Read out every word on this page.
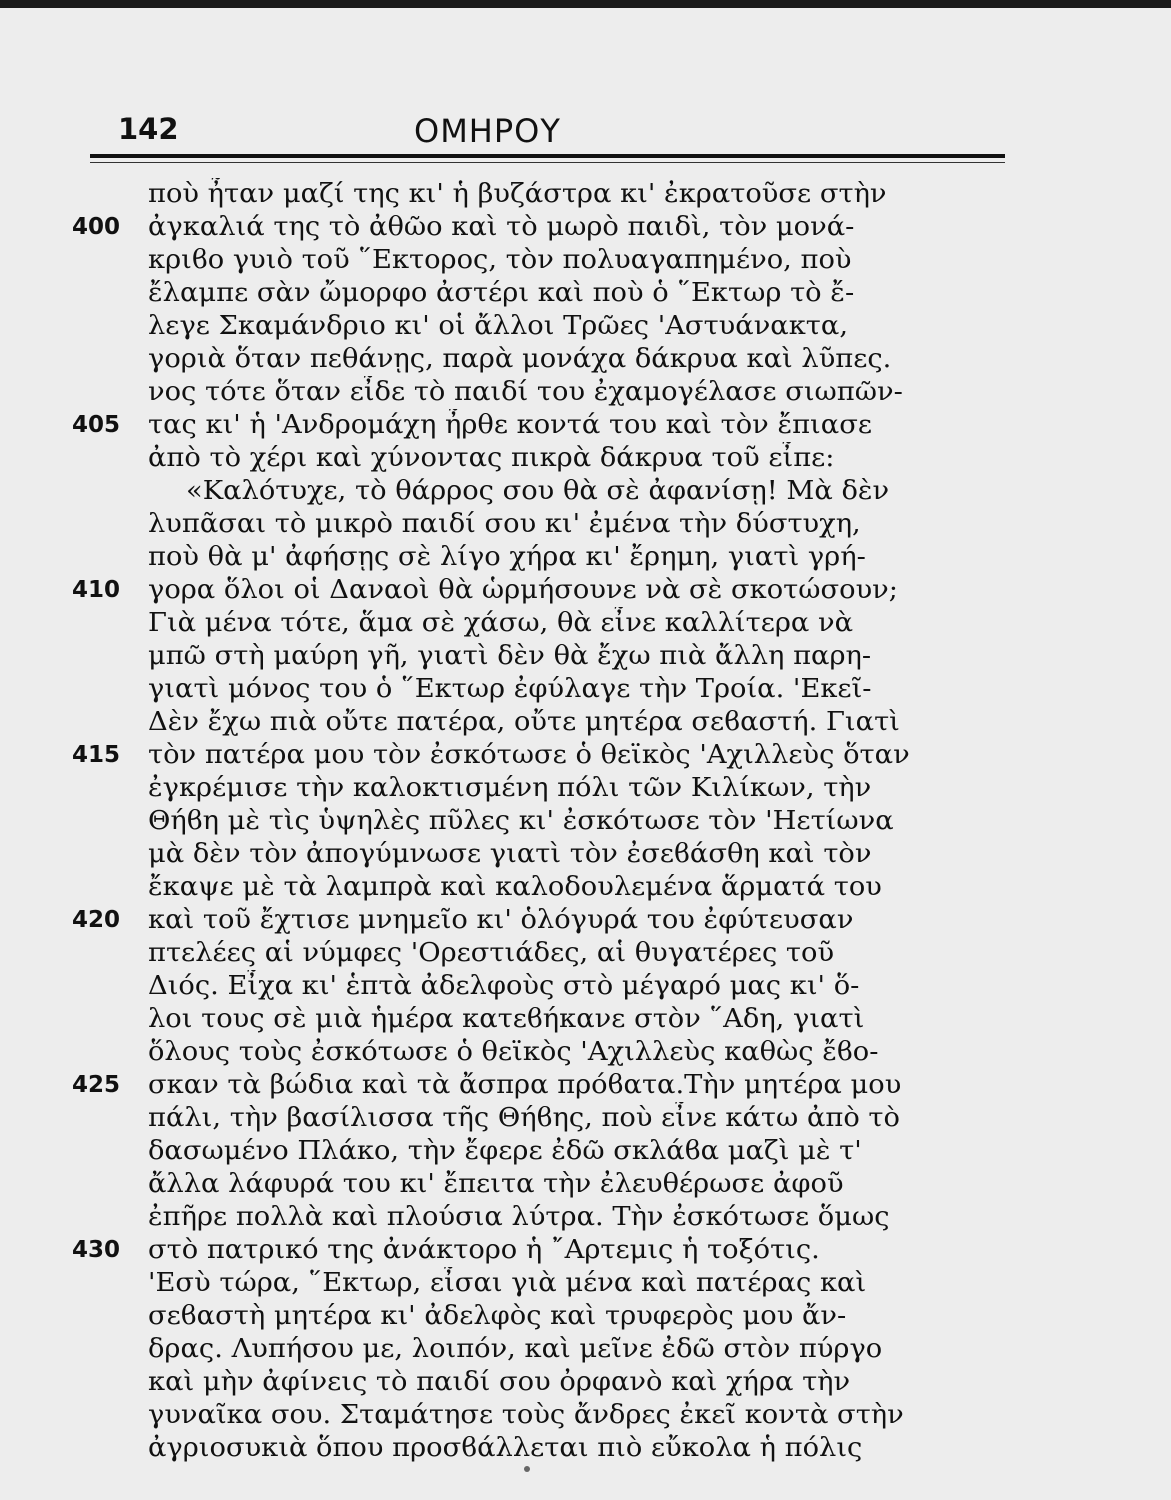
142	ΟΜΗΡΟΥ
ποὺ ἦταν μαζί της κι' ἡ βυζάστρα κι' ἐκρατοῦσε στὴν
ἀγκαλιά της τὸ ἀθῶο καὶ τὸ μωρὸ παιδὶ, τὸν μονά-
κριϐο γυιὸ τοῦ ῞Εκτορος, τὸν πολυαγαπημένο, ποὺ
ἔλαμπε σὰν ὤμορφο ἀστέρι καὶ ποὺ ὁ ῞Εκτωρ τὸ ἔ-
λεγε Σκαμάνδριο κι' οἱ ἄλλοι Τρῶες 'Αστυάνακτα,
γοριὰ ὅταν πεθάνῃς, παρὰ μονάχα δάκρυα καὶ λῦπες.
νος τότε ὅταν εἶδε τὸ παιδί του ἐχαμογέλασε σιωπῶν-
τας κι' ἡ 'Ανδρομάχη ἦρθε κοντά του καὶ τὸν ἔπιασε
ἀπὸ τὸ χέρι καὶ χύνοντας πικρὰ δάκρυα τοῦ εἶπε:
«Καλότυχε, τὸ θάρρος σου θὰ σὲ ἀφανίσῃ! Μὰ δὲν
λυπᾶσαι τὸ μικρὸ παιδί σου κι' ἐμένα τὴν δύστυχη,
ποὺ θὰ μ' ἀφήσῃς σὲ λίγο χήρα κι' ἔρημη, γιατὶ γρή-
γορα ὅλοι οἱ Δαναοὶ θὰ ὡρμήσουνε νὰ σὲ σκοτώσουν;
Γιὰ μένα τότε, ἅμα σὲ χάσω, θὰ εἶνε καλλίτερα νὰ
μπῶ στὴ μαύρη γῆ, γιατὶ δὲν θὰ ἔχω πιὰ ἄλλη παρη-
γιατὶ μόνος του ὁ ῞Εκτωρ ἐφύλαγε τὴν Τροία. 'Εκεῖ-
Δὲν ἔχω πιὰ οὔτε πατέρα, οὔτε μητέρα σεϐαστή. Γιατὶ
τὸν πατέρα μου τὸν ἐσκότωσε ὁ θεϊκὸς 'Αχιλλεὺς ὅταν
ἐγκρέμισε τὴν καλοκτισμένη πόλι τῶν Κιλίκων, τὴν
Θήϐη μὲ τὶς ὑψηλὲς πῦλες κι' ἐσκότωσε τὸν 'Ηετίωνα
μὰ δὲν τὸν ἀπογύμνωσε γιατὶ τὸν ἐσεϐάσθη καὶ τὸν
ἔκαψε μὲ τὰ λαμπρὰ καὶ καλοδουλεμένα ἅρματά του
καὶ τοῦ ἔχτισε μνημεῖο κι' ὁλόγυρά του ἐφύτευσαν
πτελέες αἱ νύμφες 'Ορεστιάδες, αἱ θυγατέρες τοῦ
Διός. Εἶχα κι' ἑπτὰ ἀδελφοὺς στὸ μέγαρό μας κι' ὅ-
λοι τους σὲ μιὰ ἡμέρα κατεϐήκανε στὸν ῞Αδη, γιατὶ
ὅλους τοὺς ἐσκότωσε ὁ θεϊκὸς 'Αχιλλεὺς καθὼς ἔϐο-
σκαν τὰ βώδια καὶ τὰ ἄσπρα πρόϐατα.Τὴν μητέρα μου
πάλι, τὴν βασίλισσα τῆς Θήϐης, ποὺ εἶνε κάτω ἀπὸ τὸ
δασωμένο Πλάκο, τὴν ἔφερε ἐδῶ σκλάϐα μαζὶ μὲ τ'
ἄλλα λάφυρά του κι' ἔπειτα τὴν ἐλευθέρωσε ἀφοῦ
ἐπῆρε πολλὰ καὶ πλούσια λύτρα. Τὴν ἐσκότωσε ὅμως
στὸ πατρικό της ἀνάκτορο ἡ ῎Αρτεμις ἡ τοξότις.
'Εσὺ τώρα, ῞Εκτωρ, εἶσαι γιὰ μένα καὶ πατέρας καὶ
σεϐαστὴ μητέρα κι' ἀδελφὸς καὶ τρυφερὸς μου ἄν-
δρας. Λυπήσου με, λοιπόν, καὶ μεῖνε ἐδῶ στὸν πύργο
καὶ μὴν ἀφίνεις τὸ παιδί σου ὀρφανὸ καὶ χήρα τὴν
γυναῖκα σου. Σταμάτησε τοὺς ἄνδρες ἐκεῖ κοντὰ στὴν
ἀγριοσυκιὰ ὅπου προσϐάλλεται πιὸ εὔκολα ἡ πόλις
400
405
410
415
420
425
430
